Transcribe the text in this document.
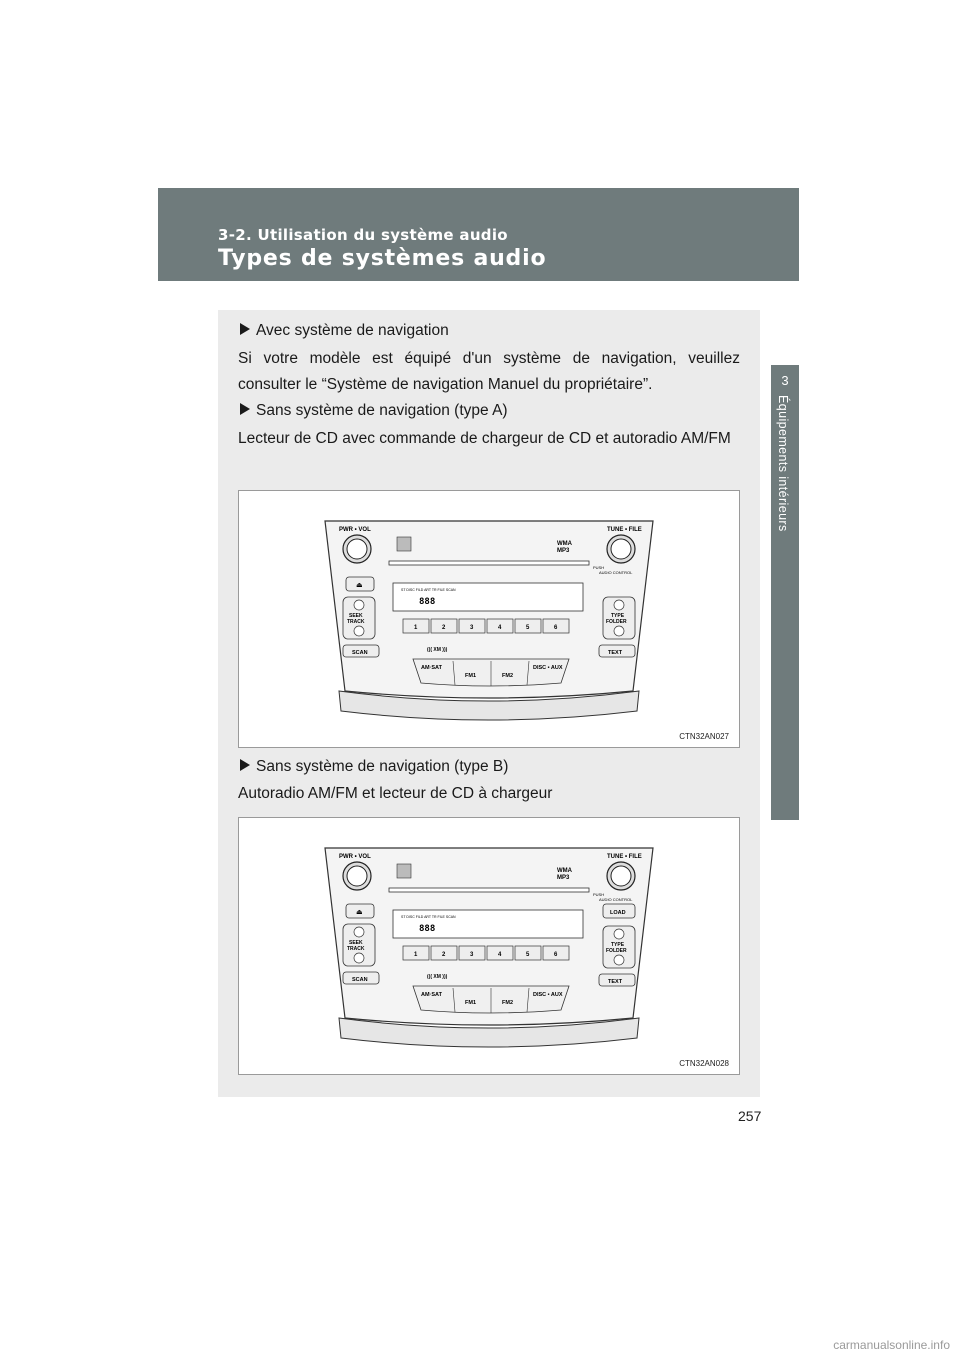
3-2. Utilisation du système audio
Types de systèmes audio
3
Équipements intérieurs
Avec système de navigation
Si votre modèle est équipé d'un système de navigation, veuillez consulter le “Système de navigation Manuel du propriétaire”.
Sans système de navigation (type A)
Lecteur de CD avec commande de chargeur de CD et autoradio AM/FM
PWR • VOL	TUNE • FILE
PUSH
AUDIO CONTROL
WMA
MP3
⏏
ST DISC FILD ART TR FILE SCAN
888
SEEK
TRACK
TYPE
FOLDER
1	2	3	4	5	6
SCAN	TEXT
((( XM )))
AM·SAT
FM1	FM2
DISC • AUX
CTN32AN027
Sans système de navigation (type B)
Autoradio AM/FM et lecteur de CD à chargeur
PWR • VOL	TUNE • FILE
PUSH
AUDIO CONTROL
WMA
MP3
⏏	LOAD
ST DISC FILD ART TR FILE SCAN
888
SEEK
TRACK
TYPE
FOLDER
1	2	3	4	5	6
SCAN	TEXT
((( XM )))
AM·SAT
FM1	FM2
DISC • AUX
CTN32AN028
257
carmanualsonline.info
